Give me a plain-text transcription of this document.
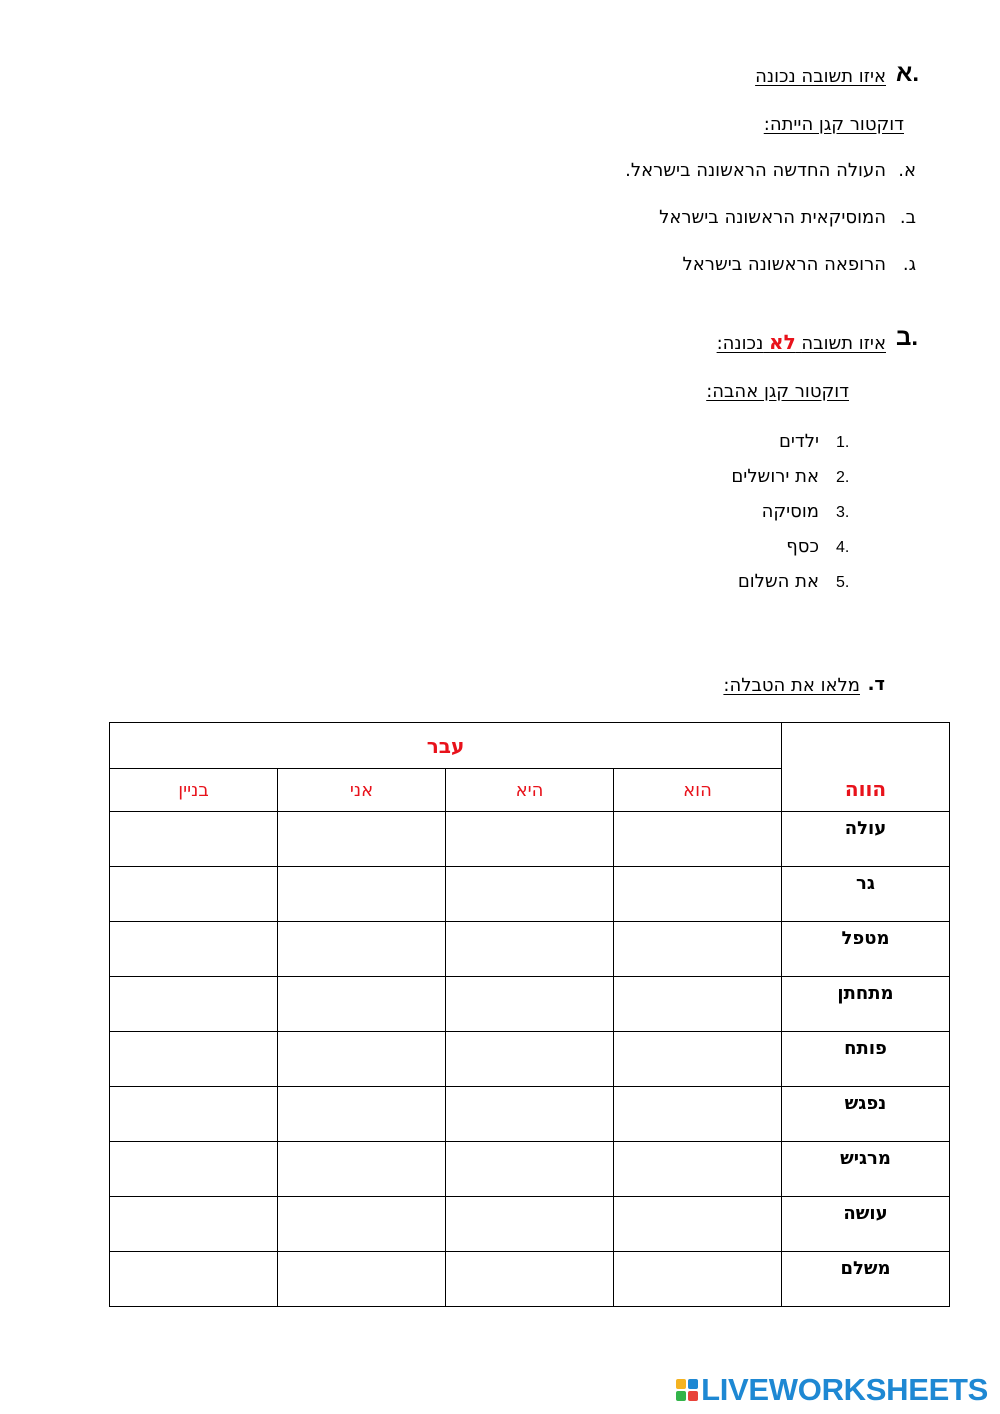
א.
איזו תשובה נכונה
דוקטור קגן הייתה:
א.
העולה החדשה הראשונה בישראל.
ב.
המוסיקאית הראשונה בישראל
ג.
הרופאה הראשונה בישראל
ב.
איזו תשובה לא נכונה:
דוקטור קגן אהבה:
1.
ילדים
2.
את ירושלים
3.
מוסיקה
4.
כסף
5.
את השלום
ד.
מלאו את הטבלה:
הווה	עבר			
	הוא	היא	אני	בניין
עולה				
גר				
מטפל				
מתחתן				
פותח				
נפגש				
מרגיש				
עושה				
משלם				
LIVEWORKSHEETS
